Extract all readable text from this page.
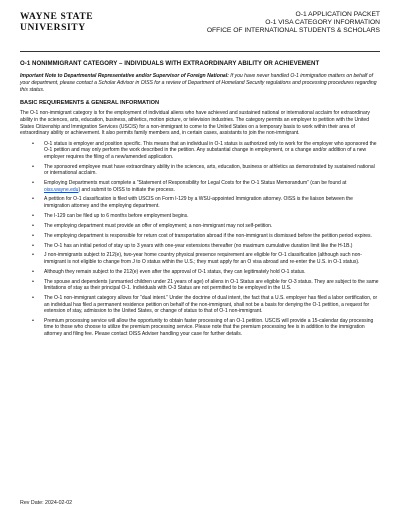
WAYNE STATE
UNIVERSITY
O-1 APPLICATION PACKET
O-1 VISA CATEGORY INFORMATION
OFFICE OF INTERNATIONAL STUDENTS & SCHOLARS
O-1 NONIMMIGRANT CATEGORY – INDIVIDUALS WITH EXTRAORDINARY ABILITY OR ACHIEVEMENT
Important Note to Departmental Representative and/or Supervisor of Foreign National: If you have never handled O-1 immigration matters on behalf of your department, please contact a Scholar Advisor in OISS for a review of Department of Homeland Security regulations and processing procedures regarding this status.
BASIC REQUIREMENTS & GENERAL INFORMATION
The O-1 non-immigrant category is for the employment of individual aliens who have achieved and sustained national or international acclaim for extraordinary ability in the sciences, arts, education, business, athletics, motion picture, or television industries. The category permits an employer to petition with the United States Citizenship and Immigration Services (USCIS) for a non-immigrant to come to the United States on a temporary basis to work within their area of extraordinary ability or achievement. It also permits family members and, in certain cases, assistants to join the non-immigrant.
• O-1 status is employer and position specific. This means that an individual in O-1 status is authorized only to work for the employer who sponsored the O-1 petition and may only perform the work described in the petition. Any substantial change in employment, or a change and/or addition of a new employer requires the filing of a new/amended application.
• The sponsored employee must have extraordinary ability in the sciences, arts, education, business or athletics as demonstrated by sustained national or international acclaim.
• Employing Departments must complete a “Statement of Responsibility for Legal Costs for the O-1 Status Memorandum” (can be found at oiss.wayne.edu) and submit to OISS to initiate the process.
• A petition for O-1 classification is filed with USCIS on Form I-129 by a WSU-appointed Immigration attorney. OISS is the liaison between the immigration attorney and the employing department.
• The I-129 can be filed up to 6 months before employment begins.
• The employing department must provide an offer of employment; a non-immigrant may not self-petition.
• The employing department is responsible for return cost of transportation abroad if the non-immigrant is dismissed before the petition period expires.
• The O-1 has an initial period of stay up to 3 years with one-year extensions thereafter (no maximum cumulative duration limit like the H-1B.)
• J non-immigrants subject to 212(e), two-year home country physical presence requirement are eligible for O-1 classification (although such non-immigrant is not eligible to change from J to O status within the U.S.; they must apply for an O visa abroad and re-enter the U.S. in O-1 status).
• Although they remain subject to the 212(e) even after the approval of O-1 status, they can legitimately hold O-1 status.
• The spouse and dependents (unmarried children under 21 years of age) of aliens in O-1 Status are eligible for O-3 status. They are subject to the same limitations of stay as their principal O-1. Individuals with O-3 Status are not permitted to be employed in the U.S.
• The O-1 non-immigrant category allows for “dual intent.” Under the doctrine of dual intent, the fact that a U.S. employer has filed a labor certification, or an individual has filed a permanent residence petition on behalf of the non-immigrant, shall not be a basis for denying the O-1 petition, a request for extension of stay, admission to the United States, or change of status to that of O-1 non-immigrant.
• Premium processing service will allow the opportunity to obtain faster processing of an O-1 petition. USCIS will provide a 15-calendar day processing time to those who choose to utilize the premium processing service. Please note that the premium processing fee is in addition to the immigration attorney and filing fee. Please contact OISS Adviser handling your case for further details.
Rev Date: 2024-02-02
